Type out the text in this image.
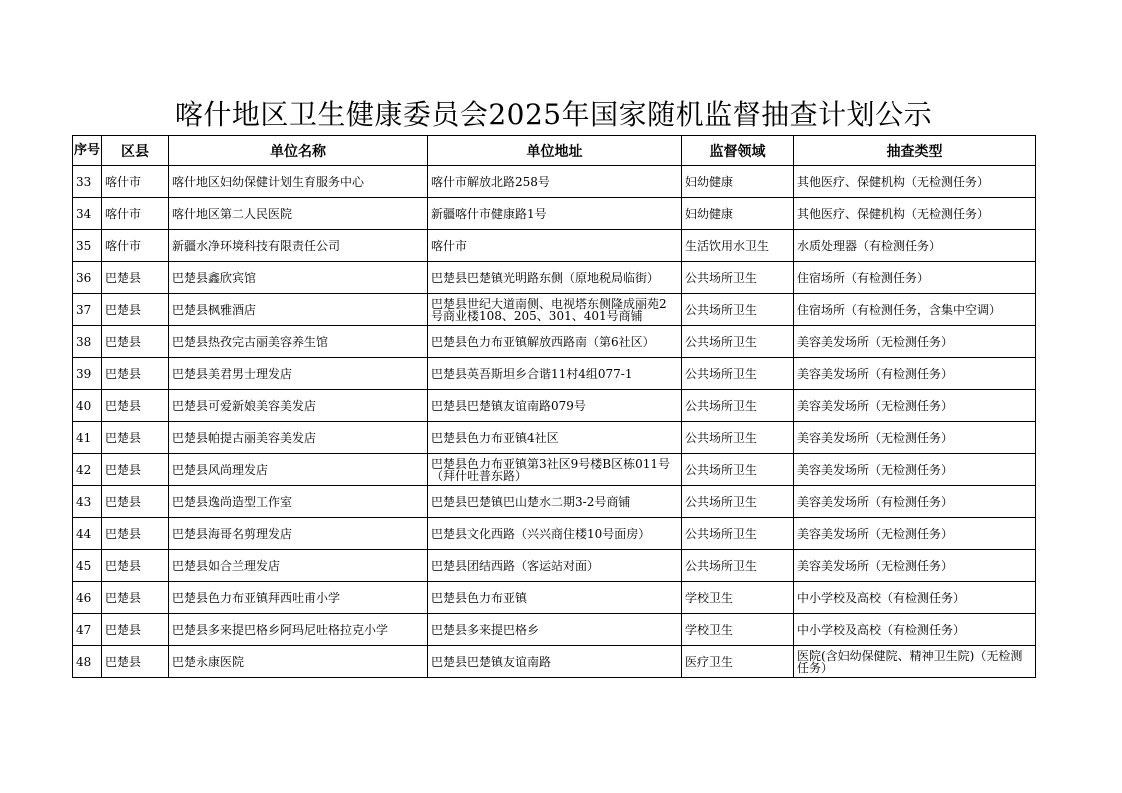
喀什地区卫生健康委员会2025年国家随机监督抽查计划公示
序号	区县	单位名称	单位地址	监督领域	抽查类型
33	喀什市	喀什地区妇幼保健计划生育服务中心	喀什市解放北路258号	妇幼健康	其他医疗、保健机构（无检测任务）
34	喀什市	喀什地区第二人民医院	新疆喀什市健康路1号	妇幼健康	其他医疗、保健机构（无检测任务）
35	喀什市	新疆水净环境科技有限责任公司	喀什市	生活饮用水卫生	水质处理器（有检测任务）
36	巴楚县	巴楚县鑫欣宾馆	巴楚县巴楚镇光明路东侧（原地税局临街）	公共场所卫生	住宿场所（有检测任务）
37	巴楚县	巴楚县枫雅酒店	巴楚县世纪大道南侧、电视塔东侧隆成丽苑2号商业楼108、205、301、401号商铺	公共场所卫生	住宿场所（有检测任务，含集中空调）
38	巴楚县	巴楚县热孜完古丽美容养生馆	巴楚县色力布亚镇解放西路南（第6社区）	公共场所卫生	美容美发场所（无检测任务）
39	巴楚县	巴楚县美君男士理发店	巴楚县英吾斯坦乡合谐11村4组077-1	公共场所卫生	美容美发场所（有检测任务）
40	巴楚县	巴楚县可爱新娘美容美发店	巴楚县巴楚镇友谊南路079号	公共场所卫生	美容美发场所（无检测任务）
41	巴楚县	巴楚县帕提古丽美容美发店	巴楚县色力布亚镇4社区	公共场所卫生	美容美发场所（无检测任务）
42	巴楚县	巴楚县风尚理发店	巴楚县色力布亚镇第3社区9号楼B区栋011号（拜什吐普东路）	公共场所卫生	美容美发场所（无检测任务）
43	巴楚县	巴楚县逸尚造型工作室	巴楚县巴楚镇巴山楚水二期3-2号商铺	公共场所卫生	美容美发场所（有检测任务）
44	巴楚县	巴楚县海哥名剪理发店	巴楚县文化西路（兴兴商住楼10号面房）	公共场所卫生	美容美发场所（无检测任务）
45	巴楚县	巴楚县如合兰理发店	巴楚县团结西路（客运站对面）	公共场所卫生	美容美发场所（无检测任务）
46	巴楚县	巴楚县色力布亚镇拜西吐甫小学	巴楚县色力布亚镇	学校卫生	中小学校及高校（有检测任务）
47	巴楚县	巴楚县多来提巴格乡阿玛尼吐格拉克小学	巴楚县多来提巴格乡	学校卫生	中小学校及高校（有检测任务）
48	巴楚县	巴楚永康医院	巴楚县巴楚镇友谊南路	医疗卫生	医院(含妇幼保健院、精神卫生院)（无检测任务）
